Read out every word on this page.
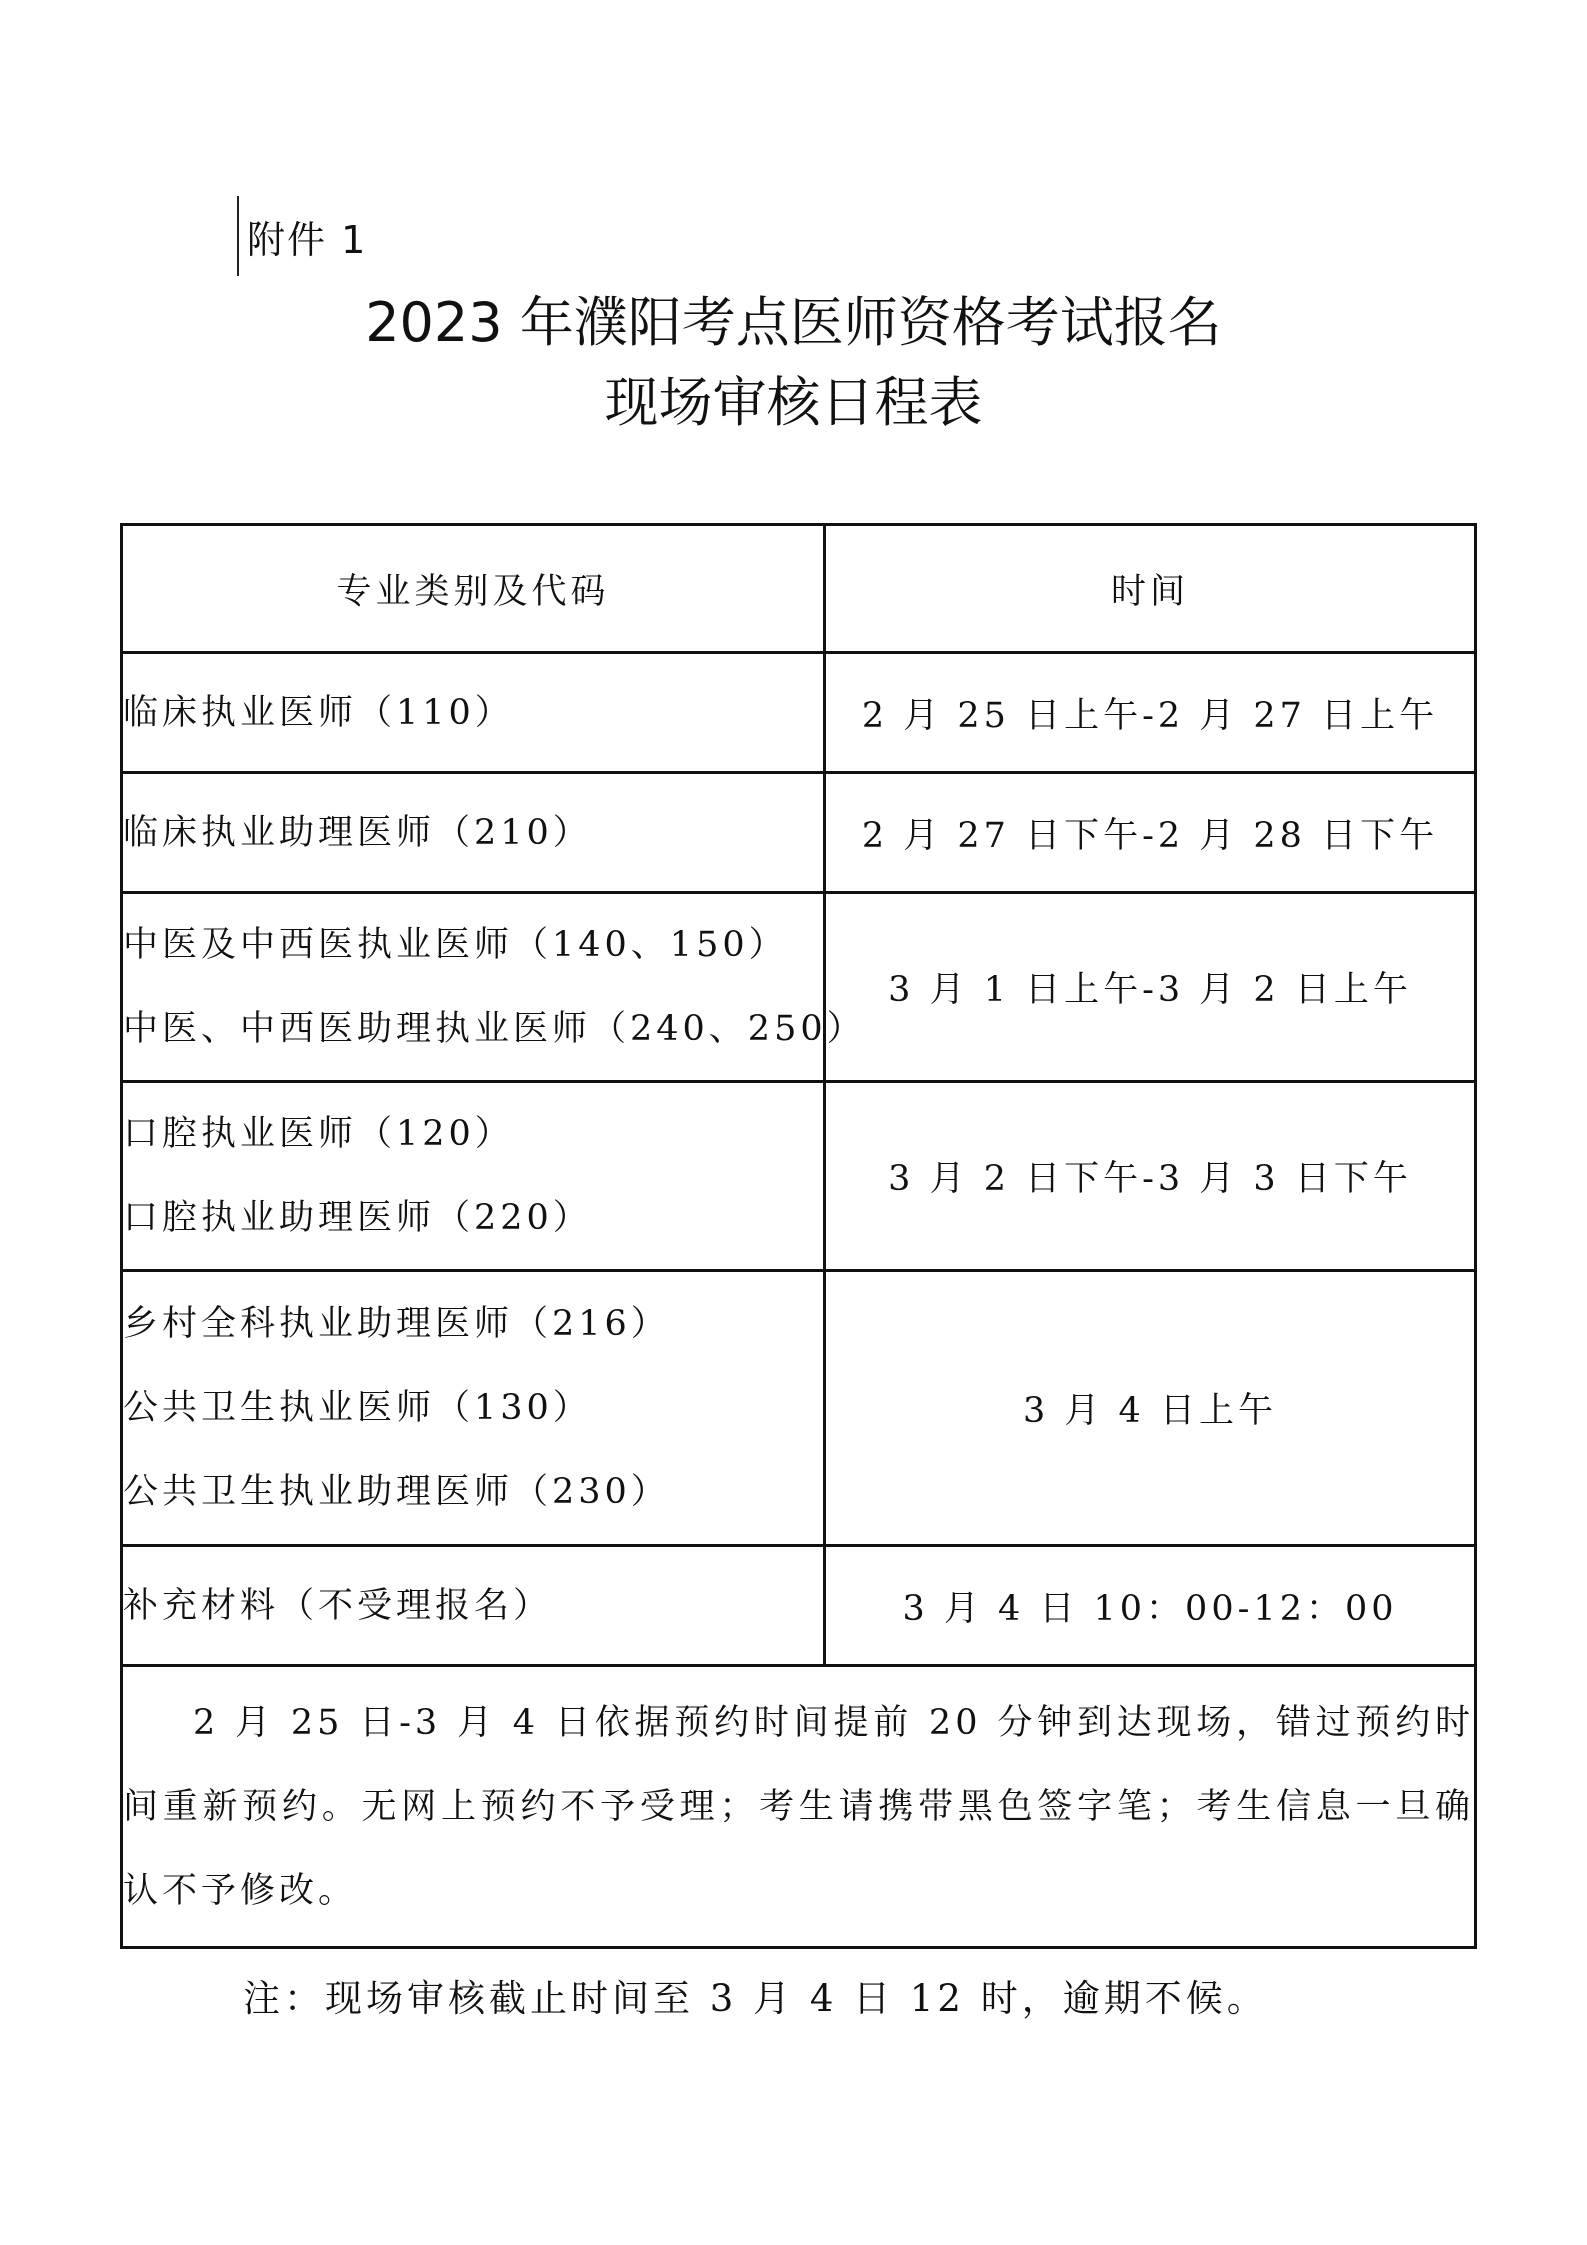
附件 1
2023 年濮阳考点医师资格考试报名
现场审核日程表
专业类别及代码	时间

临床执业医师（110）	2 月 25 日上午-2 月 27 日上午

临床执业助理医师（210）	2 月 27 日下午-2 月 28 日下午

中医及中西医执业医师（140、150）
中医、中西医助理执业医师（240、250）	3 月 1 日上午-3 月 2 日上午

口腔执业医师（120）
口腔执业助理医师（220）	3 月 2 日下午-3 月 3 日下午

乡村全科执业助理医师（216）
公共卫生执业医师（130）
公共卫生执业助理医师（230）	3 月 4 日上午

补充材料（不受理报名）	3 月 4 日 10：00-12：00
2 月 25 日-3 月 4 日依据预约时间提前 20 分钟到达现场，错过预约时间重新预约。无网上预约不予受理；考生请携带黑色签字笔；考生信息一旦确认不予修改。	
注：现场审核截止时间至 3 月 4 日 12 时，逾期不候。
